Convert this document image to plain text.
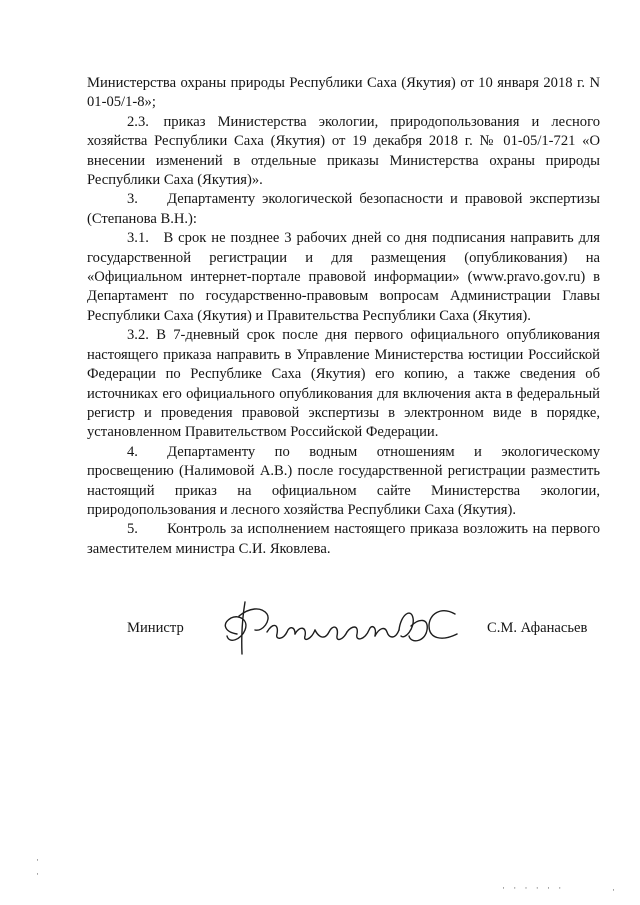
Министерства охраны природы Республики Саха (Якутия) от 10 января 2018 г. N 01-05/1-8»;

2.3. приказ Министерства экологии, природопользования и лесного хозяйства Республики Саха (Якутия) от 19 декабря 2018 г. № 01-05/1-721 «О внесении изменений в отдельные приказы Министерства охраны природы Республики Саха (Якутия)».

3.  Департаменту экологической безопасности и правовой экспертизы (Степанова В.Н.):

3.1. В срок не позднее 3 рабочих дней со дня подписания направить для государственной регистрации и для размещения (опубликования) на «Официальном интернет-портале правовой информации» (www.pravo.gov.ru) в Департамент по государственно-правовым вопросам Администрации Главы Республики Саха (Якутия) и Правительства Республики Саха (Якутия).

3.2. В 7-дневный срок после дня первого официального опубликования настоящего приказа направить в Управление Министерства юстиции Российской Федерации по Республике Саха (Якутия) его копию, а также сведения об источниках его официального опубликования для включения акта в федеральный регистр и проведения правовой экспертизы в электронном виде в порядке, установленном Правительством Российской Федерации.

4.  Департаменту по водным отношениям и экологическому просвещению (Налимовой А.В.) после государственной регистрации разместить настоящий приказ на официальном сайте Министерства экологии, природопользования и лесного хозяйства Республики Саха (Якутия).

5.  Контроль за исполнением настоящего приказа возложить на первого заместителем министра С.И. Яковлева.

Министр	С.М. Афанасьев
·
·
· · · · · ·	·
